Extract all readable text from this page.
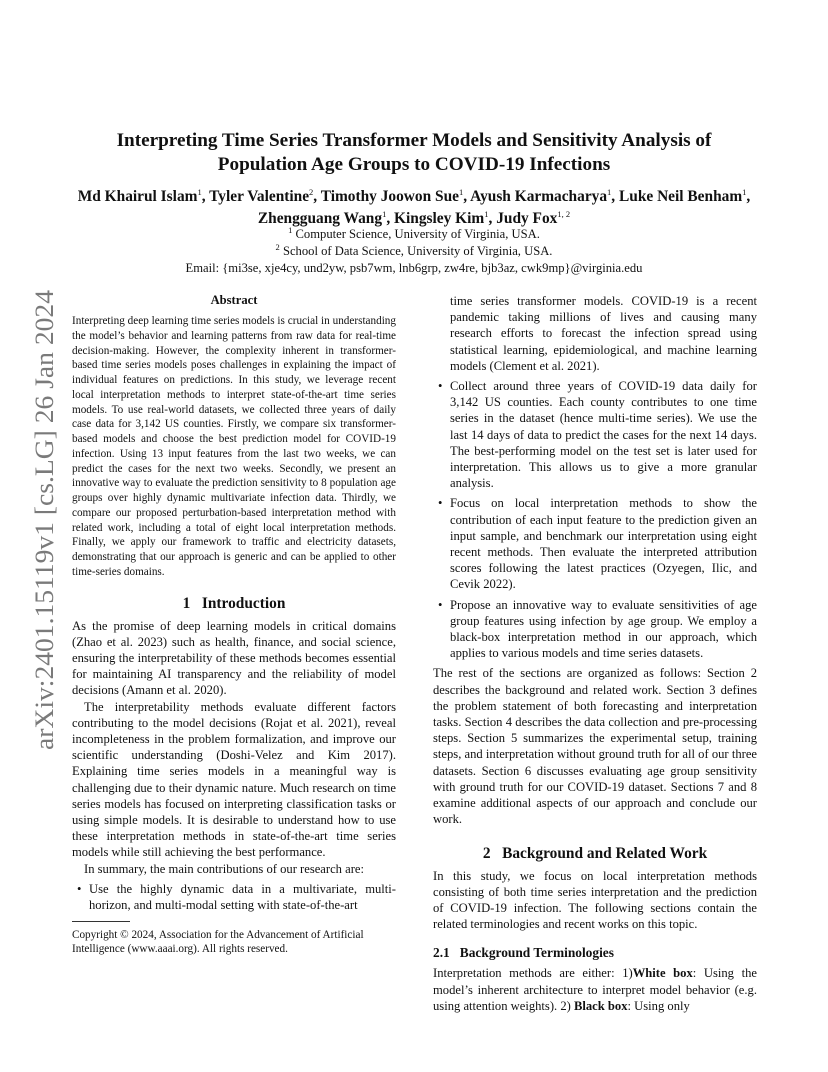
arXiv:2401.15119v1 [cs.LG] 26 Jan 2024
Interpreting Time Series Transformer Models and Sensitivity Analysis of
Population Age Groups to COVID-19 Infections
Md Khairul Islam$^1$, Tyler Valentine$^2$, Timothy Joowon Sue$^1$, Ayush Karmacharya$^1$, Luke Neil Benham$^1$, Zhengguang Wang$^1$, Kingsley Kim$^1$, Judy Fox$^{1, 2}$
$^1$ Computer Science, University of Virginia, USA.
$^2$ School of Data Science, University of Virginia, USA.
Email: {mi3se, xje4cy, und2yw, psb7wm, lnb6grp, zw4re, bjb3az, cwk9mp}@virginia.edu
Abstract

Interpreting deep learning time series models is crucial in understanding the model’s behavior and learning patterns from raw data for real-time decision-making. However, the complexity inherent in transformer-based time series models poses challenges in explaining the impact of individual features on predictions. In this study, we leverage recent local interpretation methods to interpret state-of-the-art time series models. To use real-world datasets, we collected three years of daily case data for 3,142 US counties. Firstly, we compare six transformer-based models and choose the best prediction model for COVID-19 infection. Using 13 input features from the last two weeks, we can predict the cases for the next two weeks. Secondly, we present an innovative way to evaluate the prediction sensitivity to 8 population age groups over highly dynamic multivariate infection data. Thirdly, we compare our proposed perturbation-based interpretation method with related work, including a total of eight local interpretation methods. Finally, we apply our framework to traffic and electricity datasets, demonstrating that our approach is generic and can be applied to other time-series domains.

1 Introduction

As the promise of deep learning models in critical domains (Zhao et al. 2023) such as health, finance, and social science, ensuring the interpretability of these methods becomes essential for maintaining AI transparency and the reliability of model decisions (Amann et al. 2020).

The interpretability methods evaluate different factors contributing to the model decisions (Rojat et al. 2021), reveal incompleteness in the problem formalization, and improve our scientific understanding (Doshi-Velez and Kim 2017). Explaining time series models in a meaningful way is challenging due to their dynamic nature. Much research on time series models has focused on interpreting classification tasks or using simple models. It is desirable to understand how to use these interpretation methods in state-of-the-art time series models while still achieving the best performance.

In summary, the main contributions of our research are:

• Use the highly dynamic data in a multivariate, multi-horizon, and multi-modal setting with state-of-the-art

Copyright © 2024, Association for the Advancement of Artificial Intelligence (www.aaai.org). All rights reserved.

time series transformer models. COVID-19 is a recent pandemic taking millions of lives and causing many research efforts to forecast the infection spread using statistical learning, epidemiological, and machine learning models (Clement et al. 2021).

• Collect around three years of COVID-19 data daily for 3,142 US counties. Each county contributes to one time series in the dataset (hence multi-time series). We use the last 14 days of data to predict the cases for the next 14 days. The best-performing model on the test set is later used for interpretation. This allows us to give a more granular analysis.
• Focus on local interpretation methods to show the contribution of each input feature to the prediction given an input sample, and benchmark our interpretation using eight recent methods. Then evaluate the interpreted attribution scores following the latest practices (Ozyegen, Ilic, and Cevik 2022).
• Propose an innovative way to evaluate sensitivities of age group features using infection by age group. We employ a black-box interpretation method in our approach, which applies to various models and time series datasets.

The rest of the sections are organized as follows: Section 2 describes the background and related work. Section 3 defines the problem statement of both forecasting and interpretation tasks. Section 4 describes the data collection and pre-processing steps. Section 5 summarizes the experimental setup, training steps, and interpretation without ground truth for all of our three datasets. Section 6 discusses evaluating age group sensitivity with ground truth for our COVID-19 dataset. Sections 7 and 8 examine additional aspects of our approach and conclude our work.

2 Background and Related Work

In this study, we focus on local interpretation methods consisting of both time series interpretation and the prediction of COVID-19 infection. The following sections contain the related terminologies and recent works on this topic.

2.1 Background Terminologies

Interpretation methods are either: 1)White box: Using the model’s inherent architecture to interpret model behavior (e.g. using attention weights). 2) Black box: Using only
